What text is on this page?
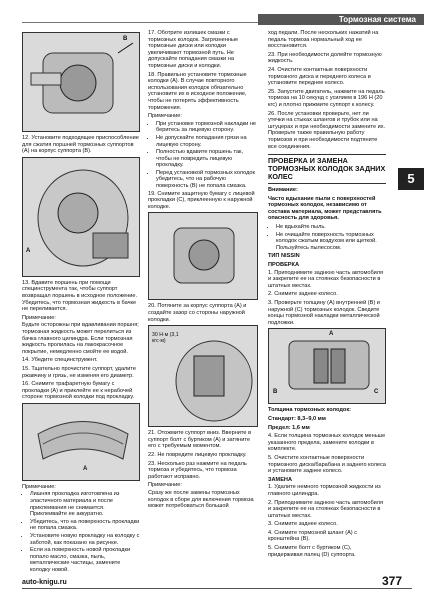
Тормозная система
5
B

12. Установите подходящее приспособление для сжатия поршней тормозных суппортов (А) на корпус суппорта (В).

A

13. Вдавите поршень при помощи специнструмента так, чтобы суппорт возвращал поршень в исходное положение. Убедитесь, что тормозная жидкость в бачке не переливается.

Примечание:

Будьте осторожны при вдавливании поршня; тормозная жидкость может перелиться из бачка главного цилиндра. Если тормозная жидкость пролилась на лакокрасочное покрытие, немедленно смойте ее водой.

14. Убедите специнструмент.

15. Тщательно прочистите суппорт, удалите ржавчину и грязь, не изменяя его диаметр.

16. Снимите трафаретную бумагу с прокладки (А) и приклейте ее к нерабочей стороне тормозной колодки под прокладку.

A

Примечание:

• Лишняя прокладка изготовлена из эластичного материала и после приклеивания не снимается. Приклеивайте ее аккуратно.
• Убедитесь, что на поверхность прокладки не попала смазка.
• Установите новую прокладку на колодку с заботой, как показано на рисунке.
• Если на поверхность новой прокладки попало масло, смазка, пыль, металлические частицы, замените колодку новой.

17. Оботрите излишек смазки с тормозных колодок. Загрязненные тормозные диски или колодки увеличивают тормозной путь. Не допускайте попадания смазки на тормозные диски и колодки.

18. Правильно установите тормозные колодки (А). В случае повторного использования колодок обязательно установите их в исходное положение, чтобы не потерять эффективность торможения.

Примечание:

• При установке тормозной накладки не беритесь за лицевую сторону.
• Не допускайте попадания грязи на лицевую сторону.
• Полностью вдавите поршень так, чтобы не повредить лицевую прокладку.
• Перед установкой тормозных колодок убедитесь, что на рабочую поверхность (В) не попала смазка.

19. Снимите защитную бумагу с лицевой прокладки (С), приклеенную к наружной колодке.

20. Потяните за корпус суппорта (А) и создайте зазор со стороны наружной колодки.

30 Н·м (3,1 кгс·м)

21. Отожмите суппорт вниз. Вверните в суппорт болт с буртиком (А) и затяните его с требуемым моментом.

22. Не повредите лицевую прокладку.

23. Несколько раз нажмите на педаль тормоза и убедитесь, что тормоза работают исправно.

Примечание:

Сразу же после замены тормозных колодок в сборе для включения тормоза может потребоваться большой

ход педали. После нескольких нажатий на педаль тормоза нормальный ход ее восстановится.

23. При необходимости долейте тормозную жидкость.

24. Очистите контактные поверхности тормозного диска и переднего колеса и установите переднее колесо.

25. Запустите двигатель, нажмите на педаль тормоза на 10 секунд с усилием в 196 Н (20 кгс) и плотно прижмите суппорт к колесу.

26. После установки проверьте, нет ли утечки на стыках шлангов и трубок или на штуцерах и при необходимости замените их. Проверьте также правильную работу тормозов и при необходимости подтяните все соединения.

ПРОВЕРКА И ЗАМЕНА ТОРМОЗНЫХ КОЛОДОК ЗАДНИХ КОЛЕС

Внимание:

Часто вдыхание пыли с поверхностей тормозных колодок, независимо от состава материала, может представлять опасность для здоровья.

• Не вдыхайте пыль.
• Не очищайте поверхность тормозных колодок сжатым воздухом или щеткой. Пользуйтесь пылесосом.

ТИП NISSIN

ПРОВЕРКА

1. Приподнимите заднюю часть автомобиля и закрепите ее на стоянках безопасности в штатных местах.

2. Снимите заднее колесо.

3. Проверьте толщину (А) внутренней (В) и наружной (С) тормозных колодок. Сведите концы тормозной накладки металлической подложки.

B
A
C

Толщина тормозных колодок:

Стандарт: 8,3–9,0 мм

Предел: 1,6 мм

4. Если толщина тормозных колодок меньше указанного предела, замените колодки в комплекте.

5. Очистите контактные поверхности тормозного диска/барабана и заднего колеса и установите заднее колесо.

ЗАМЕНА

1. Удалите немного тормозной жидкости из главного цилиндра.

2. Приподнимите заднюю часть автомобиля и закрепите ее на стоянках безопасности в штатных местах.

3. Снимите заднее колесо.

4. Снимите тормозной шланг (А) с кронштейна (В).

5. Снимите болт с буртиком (С), придерживая палец (D) суппорта.

auto-knigu.ru	377
